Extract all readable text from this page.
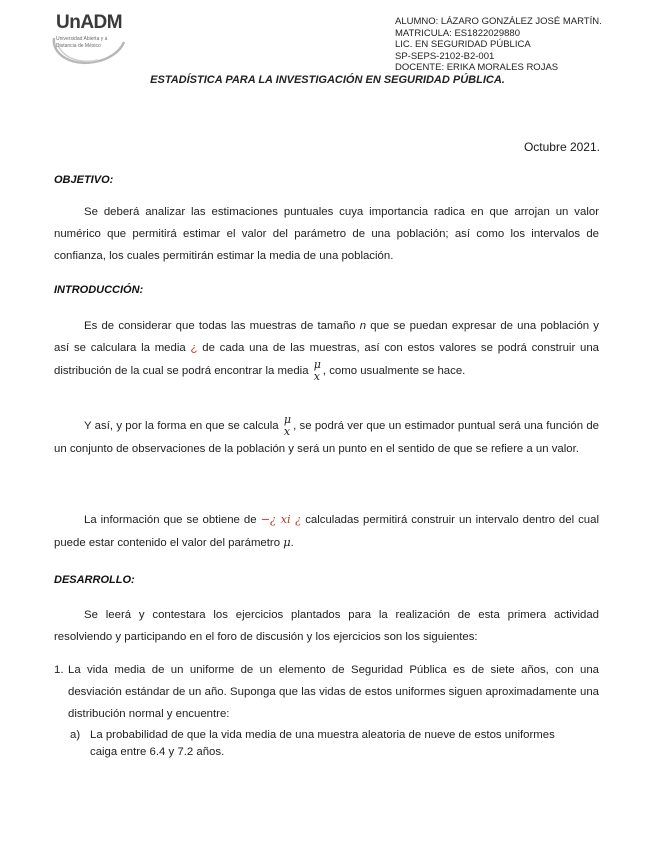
UnADM
Universidad Abierta y a Distancia de México
ALUMNO: LÁZARO GONZÁLEZ JOSÉ MARTÍN.
MATRICULA: ES1822029880
LIC. EN SEGURIDAD PÚBLICA
SP-SEPS-2102-B2-001
DOCENTE: ERIKA MORALES ROJAS
ESTADÍSTICA PARA LA INVESTIGACIÓN EN SEGURIDAD PÚBLICA.
Octubre 2021.
OBJETIVO:
Se deberá analizar las estimaciones puntuales cuya importancia radica en que arrojan un valor numérico que permitirá estimar el valor del parámetro de una población; así como los intervalos de confianza, los cuales permitirán estimar la media de una población.
INTRODUCCIÓN:
Es de considerar que todas las muestras de tamaño n que se puedan expresar de una población y así se calculara la media ¿ de cada una de las muestras, así con estos valores se podrá construir una distribución de la cual se podrá encontrar la media
μ
x , como usualmente se hace.
Y así, y por la forma en que se calcula
μ
x , se podrá ver que un estimador puntual será una función de un conjunto de observaciones de la población y será un punto en el sentido de que se refiere a un valor.
La información que se obtiene de −¿ xi ¿ calculadas permitirá construir un intervalo dentro del cual puede estar contenido el valor del parámetro μ.
DESARROLLO:
Se leerá y contestara los ejercicios plantados para la realización de esta primera actividad resolviendo y participando en el foro de discusión y los ejercicios son los siguientes:
1. La vida media de un uniforme de un elemento de Seguridad Pública es de siete años, con una desviación estándar de un año. Suponga que las vidas de estos uniformes siguen aproximadamente una distribución normal y encuentre:
a) La probabilidad de que la vida media de una muestra aleatoria de nueve de estos uniformes caiga entre 6.4 y 7.2 años.
